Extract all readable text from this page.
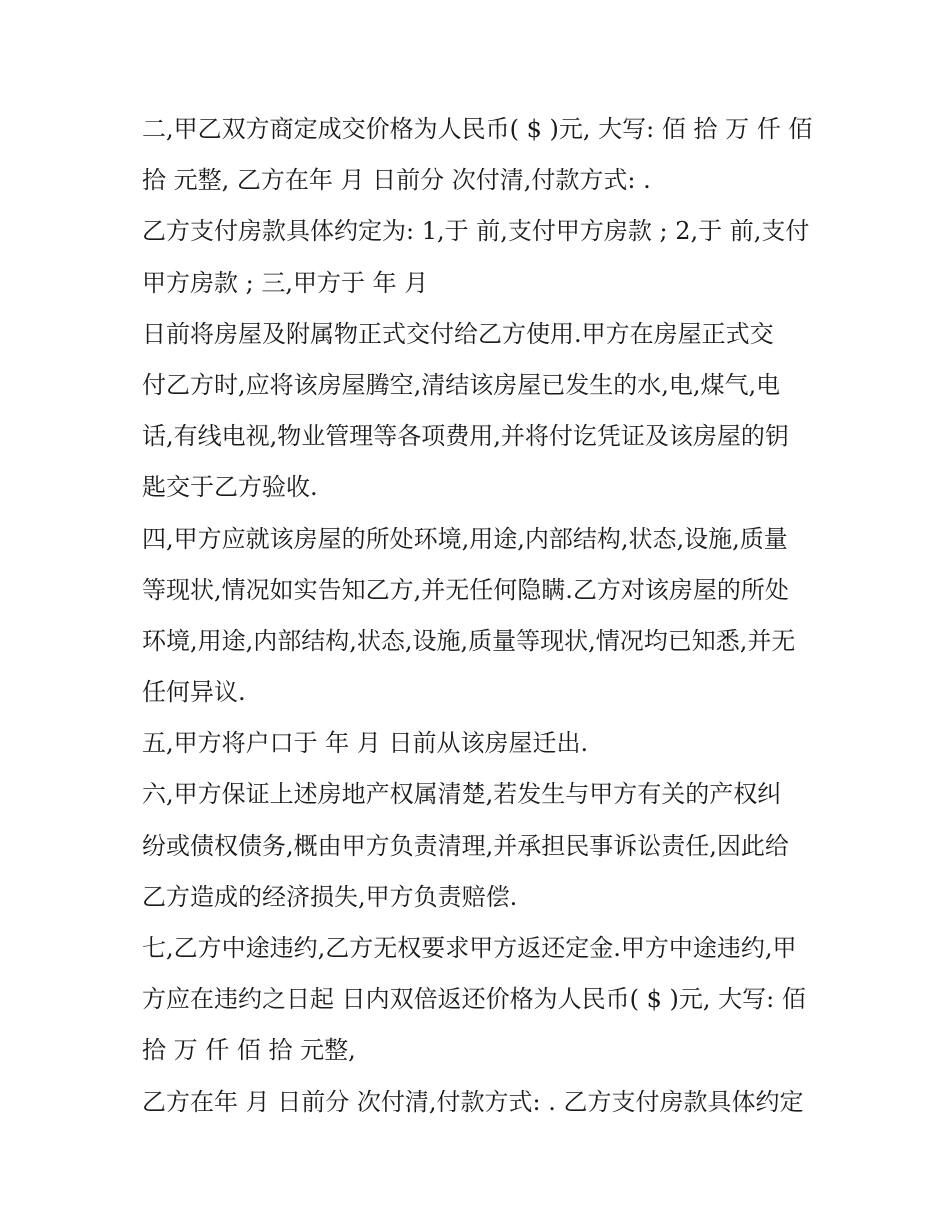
二,甲乙双方商定成交价格为人民币( $ )元, 大写: 佰 拾 万 仟 佰
拾 元整, 乙方在年 月 日前分 次付清,付款方式: .
乙方支付房款具体约定为: 1,于 前,支付甲方房款 ; 2,于 前,支付
甲方房款 ; 三,甲方于 年 月
日前将房屋及附属物正式交付给乙方使用.甲方在房屋正式交
付乙方时,应将该房屋腾空,清结该房屋已发生的水,电,煤气,电
话,有线电视,物业管理等各项费用,并将付讫凭证及该房屋的钥
匙交于乙方验收.
四,甲方应就该房屋的所处环境,用途,内部结构,状态,设施,质量
等现状,情况如实告知乙方,并无任何隐瞒.乙方对该房屋的所处
环境,用途,内部结构,状态,设施,质量等现状,情况均已知悉,并无
任何异议.
五,甲方将户口于 年 月 日前从该房屋迁出.
六,甲方保证上述房地产权属清楚,若发生与甲方有关的产权纠
纷或债权债务,概由甲方负责清理,并承担民事诉讼责任,因此给
乙方造成的经济损失,甲方负责赔偿.
七,乙方中途违约,乙方无权要求甲方返还定金.甲方中途违约,甲
方应在违约之日起 日内双倍返还价格为人民币( $ )元, 大写: 佰
拾 万 仟 佰 拾 元整,
乙方在年 月 日前分 次付清,付款方式: . 乙方支付房款具体约定
